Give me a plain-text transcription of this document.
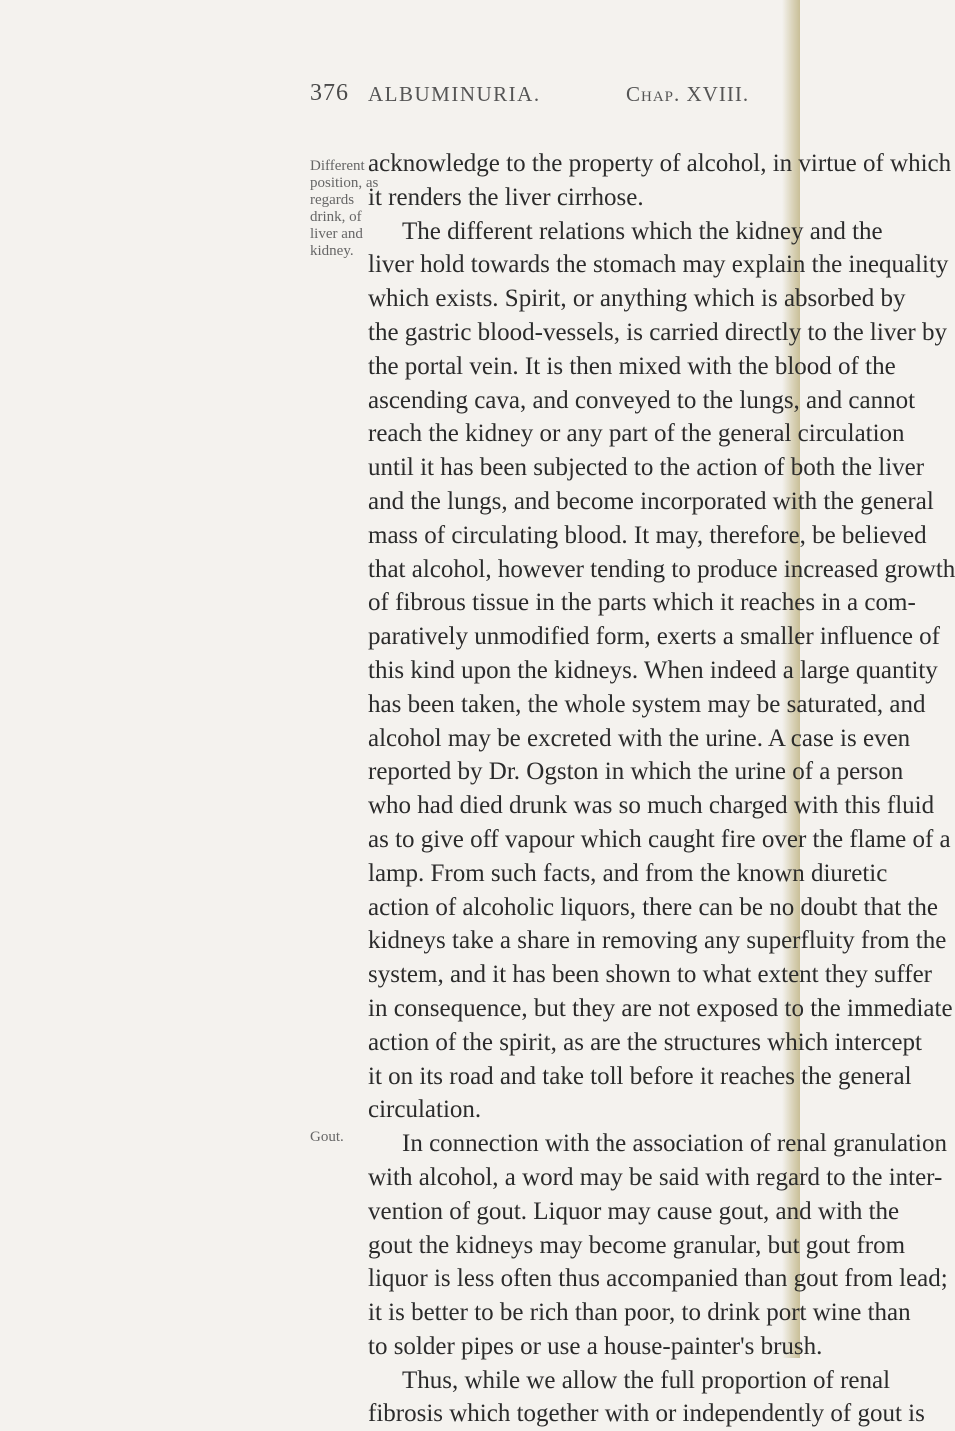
376 ALBUMINURIA.	Chap. XVIII.
Different
position, as
regards
drink, of
liver and
kidney.
Gout.
acknowledge to the property of alcohol, in virtue of which
it renders the liver cirrhose.
The different relations which the kidney and the
liver hold towards the stomach may explain the inequality
which exists. Spirit, or anything which is absorbed by
the gastric blood-vessels, is carried directly to the liver by
the portal vein. It is then mixed with the blood of the
ascending cava, and conveyed to the lungs, and cannot
reach the kidney or any part of the general circulation
until it has been subjected to the action of both the liver
and the lungs, and become incorporated with the general
mass of circulating blood. It may, therefore, be believed
that alcohol, however tending to produce increased growth
of fibrous tissue in the parts which it reaches in a com-
paratively unmodified form, exerts a smaller influence of
this kind upon the kidneys. When indeed a large quantity
has been taken, the whole system may be saturated, and
alcohol may be excreted with the urine. A case is even
reported by Dr. Ogston in which the urine of a person
who had died drunk was so much charged with this fluid
as to give off vapour which caught fire over the flame of a
lamp. From such facts, and from the known diuretic
action of alcoholic liquors, there can be no doubt that the
kidneys take a share in removing any superfluity from the
system, and it has been shown to what extent they suffer
in consequence, but they are not exposed to the immediate
action of the spirit, as are the structures which intercept
it on its road and take toll before it reaches the general
circulation.
In connection with the association of renal granulation
with alcohol, a word may be said with regard to the inter-
vention of gout. Liquor may cause gout, and with the
gout the kidneys may become granular, but gout from
liquor is less often thus accompanied than gout from lead;
it is better to be rich than poor, to drink port wine than
to solder pipes or use a house-painter's brush.
Thus, while we allow the full proportion of renal
fibrosis which together with or independently of gout is
